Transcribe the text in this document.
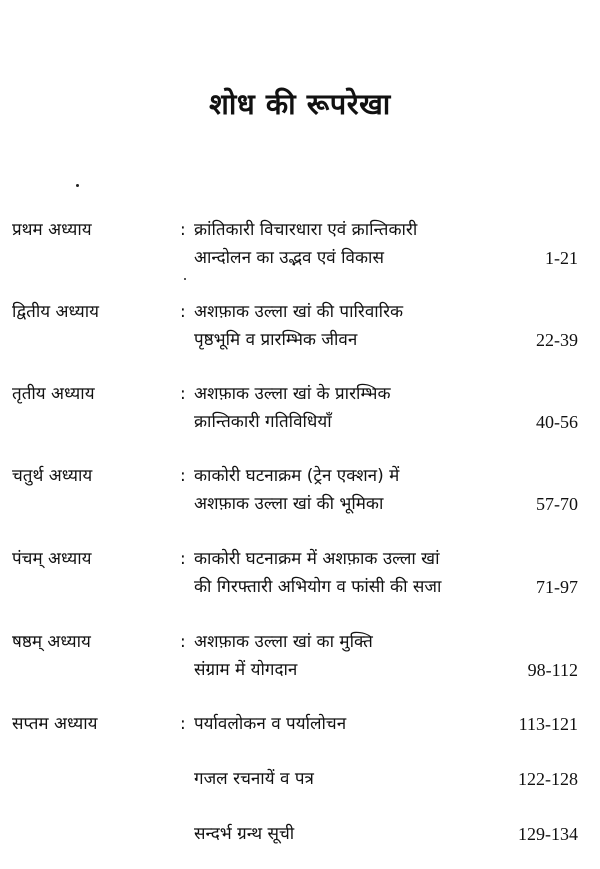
शोध की रूपरेखा
प्रथम अध्याय	: क्रांतिकारी विचारधारा एवं क्रान्तिकारी
आन्दोलन का उद्भव एवं विकास	1-21
द्वितीय अध्याय	: अशफ़ाक उल्ला खां की पारिवारिक
पृष्ठभूमि व प्रारम्भिक जीवन	22-39
तृतीय अध्याय	: अशफ़ाक उल्ला खां के प्रारम्भिक
क्रान्तिकारी गतिविधियाँ	40-56
चतुर्थ अध्याय	: काकोरी घटनाक्रम (ट्रेन एक्शन) में
अशफ़ाक उल्ला खां की भूमिका	57-70
पंचम् अध्याय	: काकोरी घटनाक्रम में अशफ़ाक उल्ला खां
की गिरफ्तारी अभियोग व फांसी की सजा	71-97
षष्ठम् अध्याय	: अशफ़ाक उल्ला खां का मुक्ति
संग्राम में योगदान	98-112
सप्तम अध्याय	: पर्यावलोकन व पर्यालोचन	113-121
गजल रचनायें व पत्र	122-128
सन्दर्भ ग्रन्थ सूची	129-134
